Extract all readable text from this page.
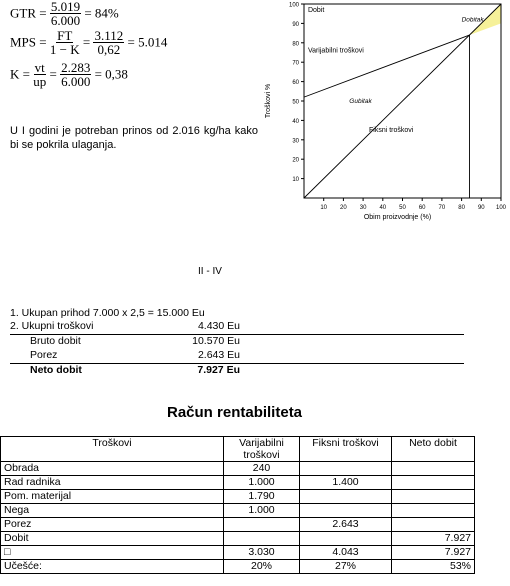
GTR = $\frac{5.019}{6.000} = 84\%$
MPS = $\frac{FT}{1 - K} = \frac{3.112}{0,62} = 5.014$
$K = \frac{vt}{up} = \frac{2.283}{6.000} = 0,38$
U I godini je potreban prinos od 2.016 kg/ha kako bi se pokrila ulaganja.
10
20
30
40
50
60
70
80
90
100
10 20 30 40 50 60 70 80 90 100
Troškovi %
Obim proizvodnje (%)
Dobit
Dobitak
Varijabilni troškovi
Gubitak
Fiksni troškovi
II - IV
1. Ukupan prihod 7.000 x 2,5 = 15.000 Eu
2. Ukupni troškovi	4.430 Eu
Bruto dobit	10.570 Eu
Porez	2.643 Eu
Neto dobit	7.927 Eu
Račun rentabiliteta
Troškovi	Varijabilni troškovi	Fiksni troškovi	Neto dobit
Obrada	240		
Rad radnika	1.000	1.400	
Pom. materijal	1.790		
Nega	1.000		
Porez		2.643	
Dobit			7.927
□	3.030	4.043	7.927
Učešće:	20%	27%	53%
